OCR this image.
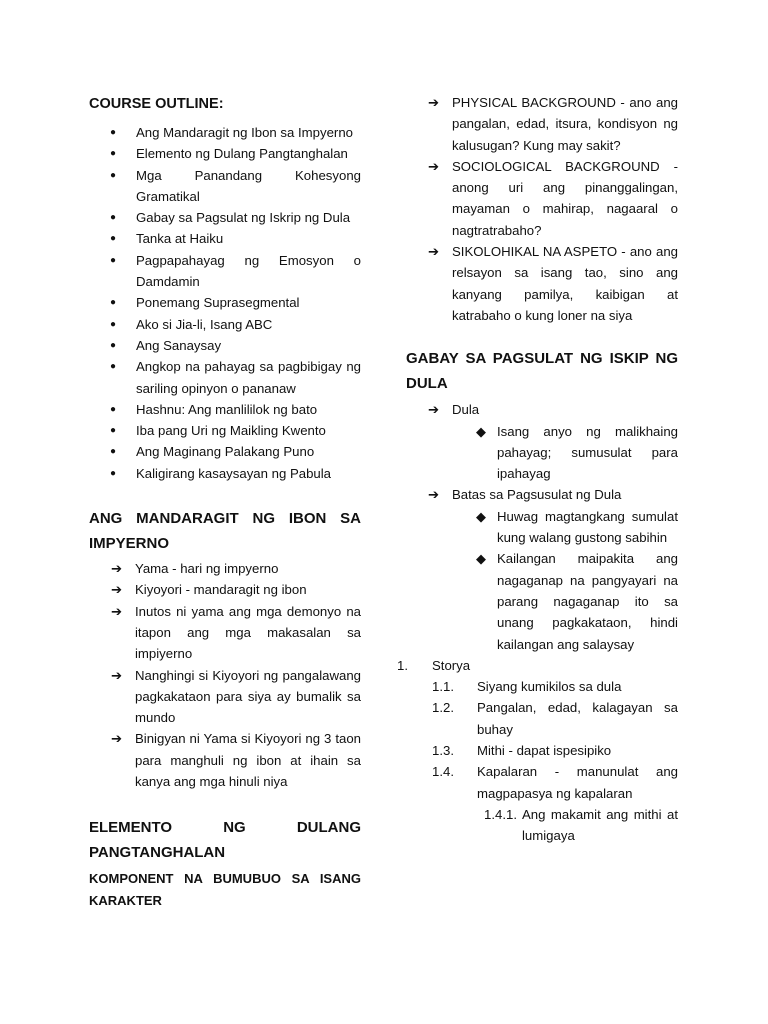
COURSE OUTLINE:
● Ang Mandaragit ng Ibon sa Impyerno
● Elemento ng Dulang Pangtanghalan
● Mga Panandang Kohesyong Gramatikal
● Gabay sa Pagsulat ng Iskrip ng Dula
● Tanka at Haiku
● Pagpapahayag ng Emosyon o Damdamin
● Ponemang Suprasegmental
● Ako si Jia-li, Isang ABC
● Ang Sanaysay
● Angkop na pahayag sa pagbibigay ng sariling opinyon o pananaw
● Hashnu: Ang manlililok ng bato
● Iba pang Uri ng Maikling Kwento
● Ang Maginang Palakang Puno
● Kaligirang kasaysayan ng Pabula
ANG MANDARAGIT NG IBON SA IMPYERNO
➔ Yama - hari ng impyerno
➔ Kiyoyori - mandaragit ng ibon
➔ Inutos ni yama ang mga demonyo na itapon ang mga makasalan sa impiyerno
➔ Nanghingi si Kiyoyori ng pangalawang pagkakataon para siya ay bumalik sa mundo
➔ Binigyan ni Yama si Kiyoyori ng 3 taon para manghuli ng ibon at ihain sa kanya ang mga hinuli niya
ELEMENTO NG DULANG PANGTANGHALAN
KOMPONENT NA BUMUBUO SA ISANG KARAKTER
➔ PHYSICAL BACKGROUND - ano ang pangalan, edad, itsura, kondisyon ng kalusugan? Kung may sakit?
➔ SOCIOLOGICAL BACKGROUND - anong uri ang pinanggalingan, mayaman o mahirap, nagaaral o nagtratrabaho?
➔ SIKOLOHIKAL NA ASPETO - ano ang relsayon sa isang tao, sino ang kanyang pamilya, kaibigan at katrabaho o kung loner na siya
GABAY SA PAGSULAT NG ISKIP NG DULA
➔ Dula
◆ Isang anyo ng malikhaing pahayag; sumusulat para ipahayag
➔ Batas sa Pagsusulat ng Dula
◆ Huwag magtangkang sumulat kung walang gustong sabihin
◆ Kailangan maipakita ang nagaganap na pangyayari na parang nagaganap ito sa unang pagkakataon, hindi kailangan ang salaysay
1. Storya
1.1. Siyang kumikilos sa dula
1.2. Pangalan, edad, kalagayan sa buhay
1.3. Mithi - dapat ispesipiko
1.4. Kapalaran - manunulat ang magpapasya ng kapalaran
1.4.1. Ang makamit ang mithi at lumigaya
